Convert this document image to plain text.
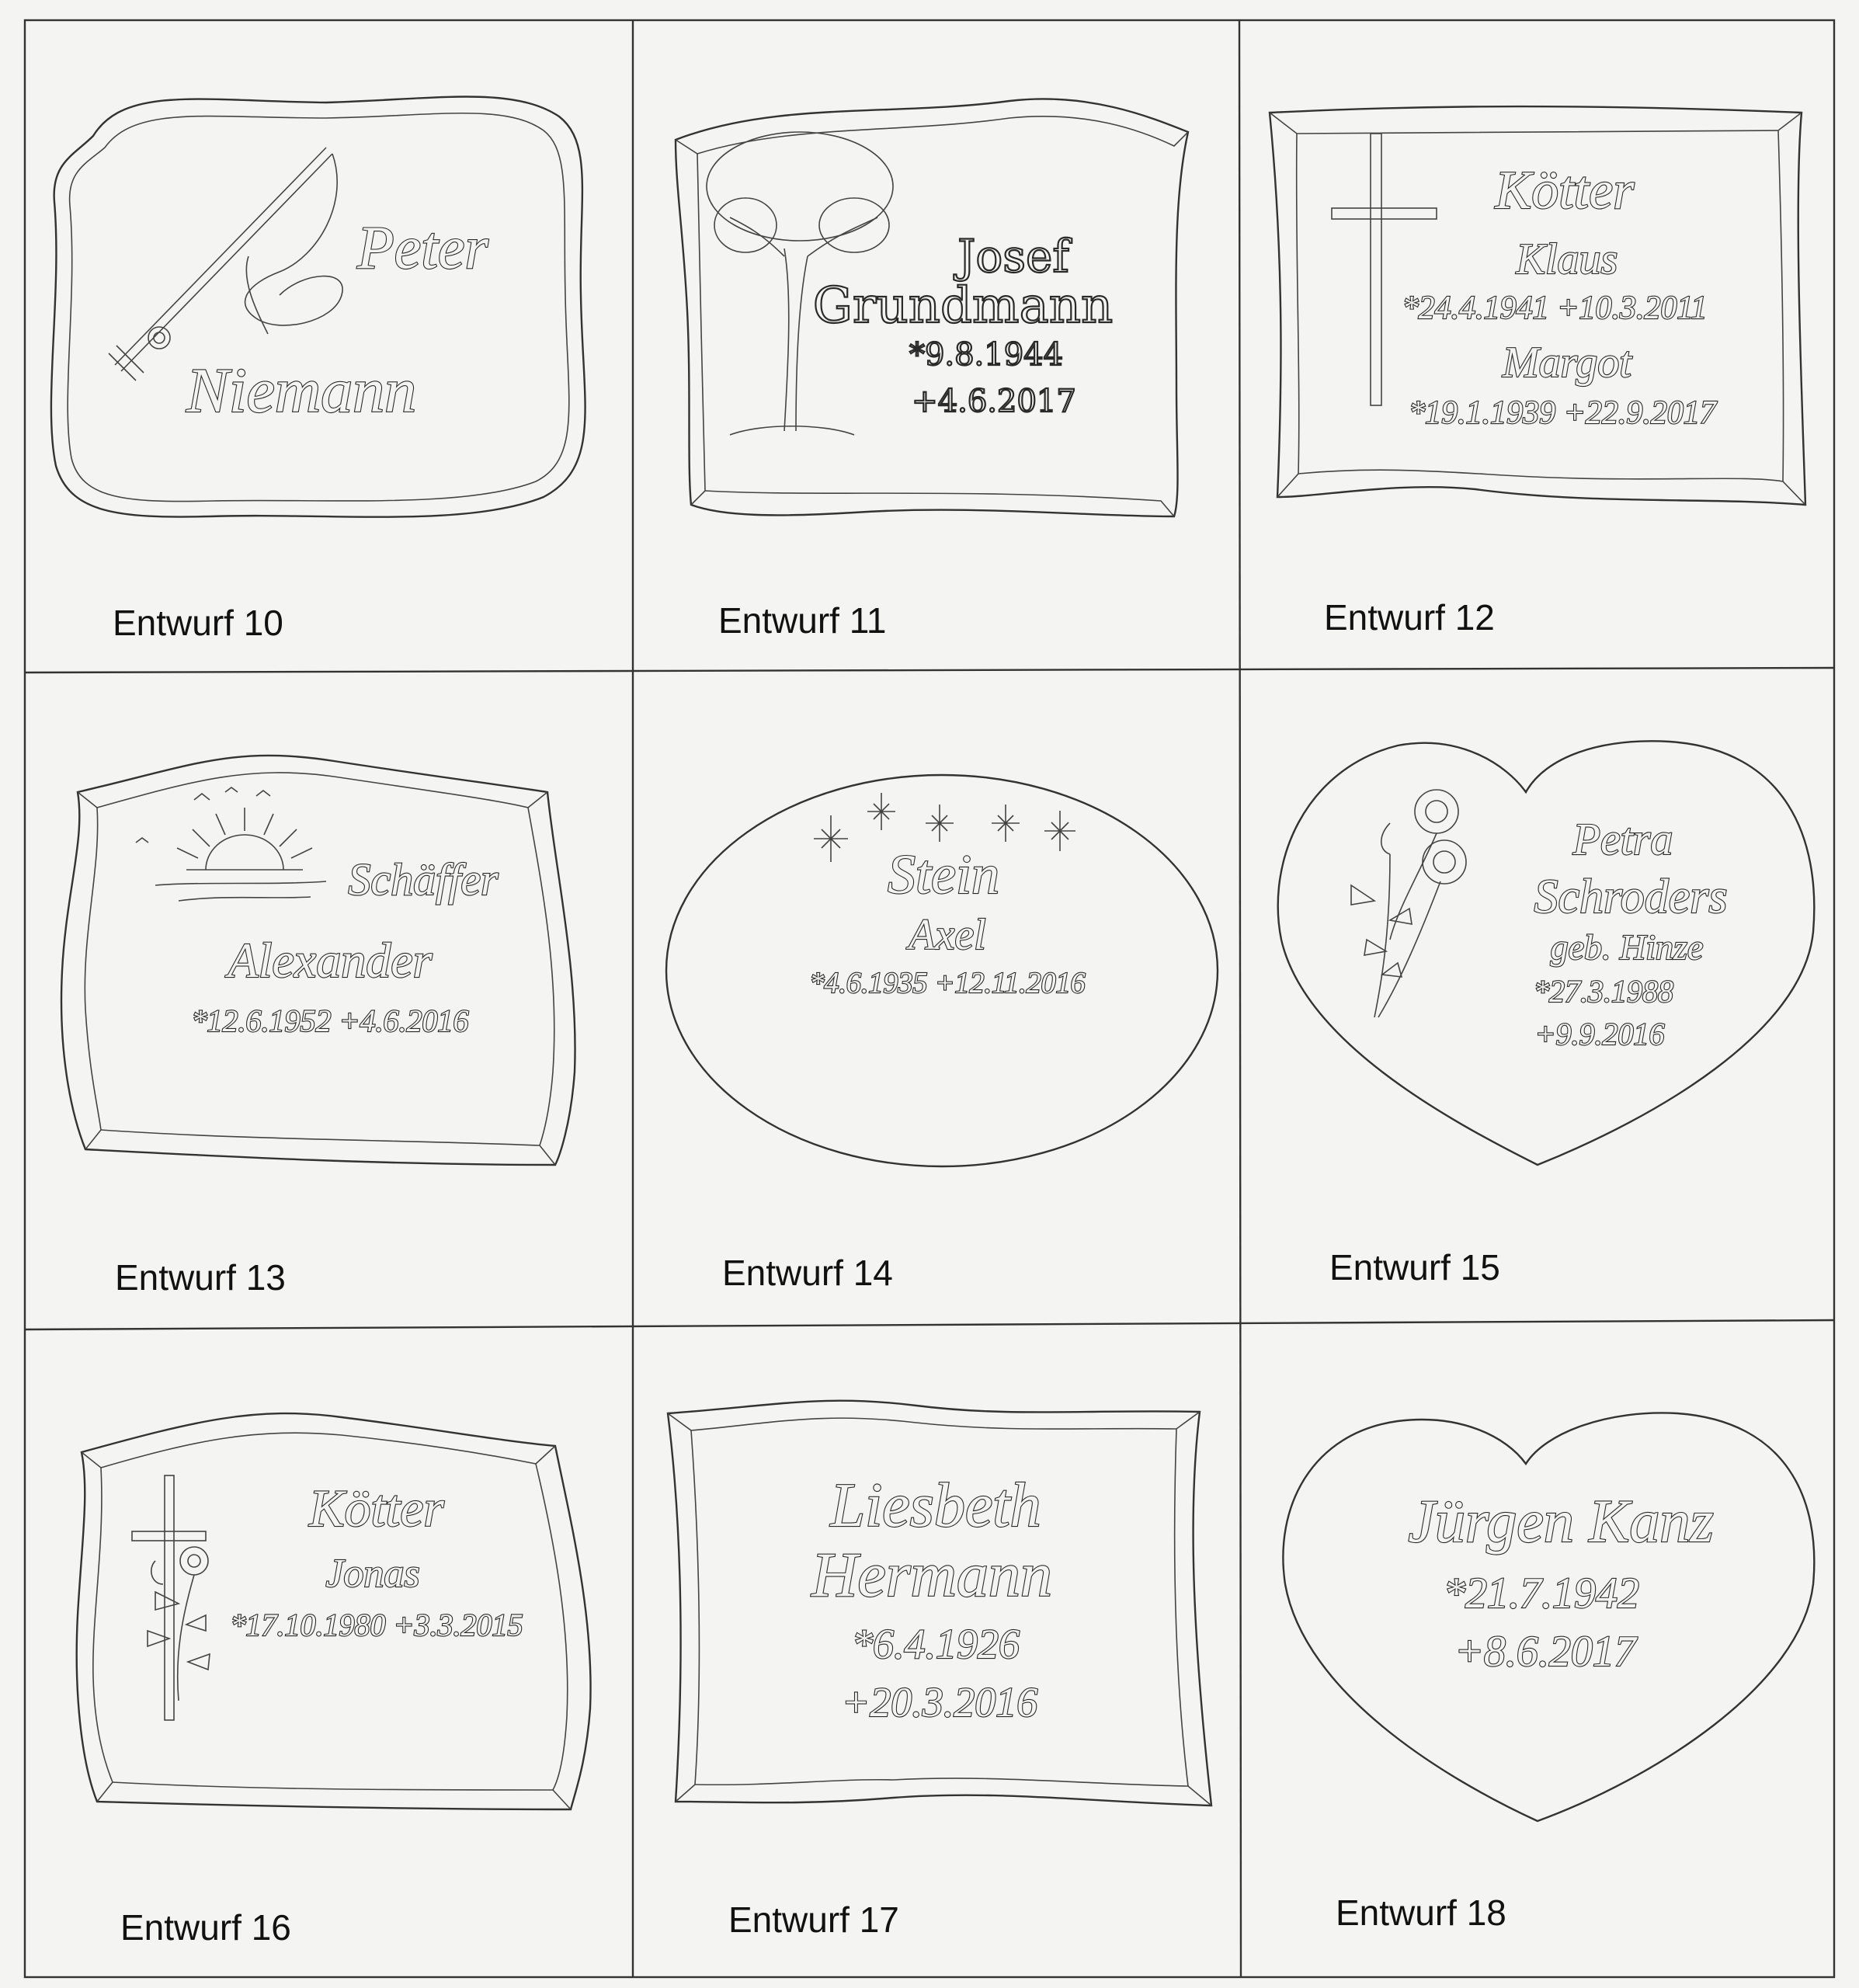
Peter
Niemann
Josef
Grundmann
*9.8.1944
+4.6.2017
Kötter
Klaus
*24.4.1941 +10.3.2011
Margot
*19.1.1939 +22.9.2017
Schäffer
Alexander
*12.6.1952 +4.6.2016
Stein
Axel
*4.6.1935 +12.11.2016
Petra
Schroders
geb. Hinze
*27.3.1988
+9.9.2016
Kötter
Jonas
*17.10.1980 +3.3.2015
Liesbeth
Hermann
*6.4.1926
+20.3.2016
Jürgen Kanz
*21.7.1942
+8.6.2017
Entwurf 10	Entwurf 11	Entwurf 12
Entwurf 13	Entwurf 14	Entwurf 15
Entwurf 16	Entwurf 17	Entwurf 18
